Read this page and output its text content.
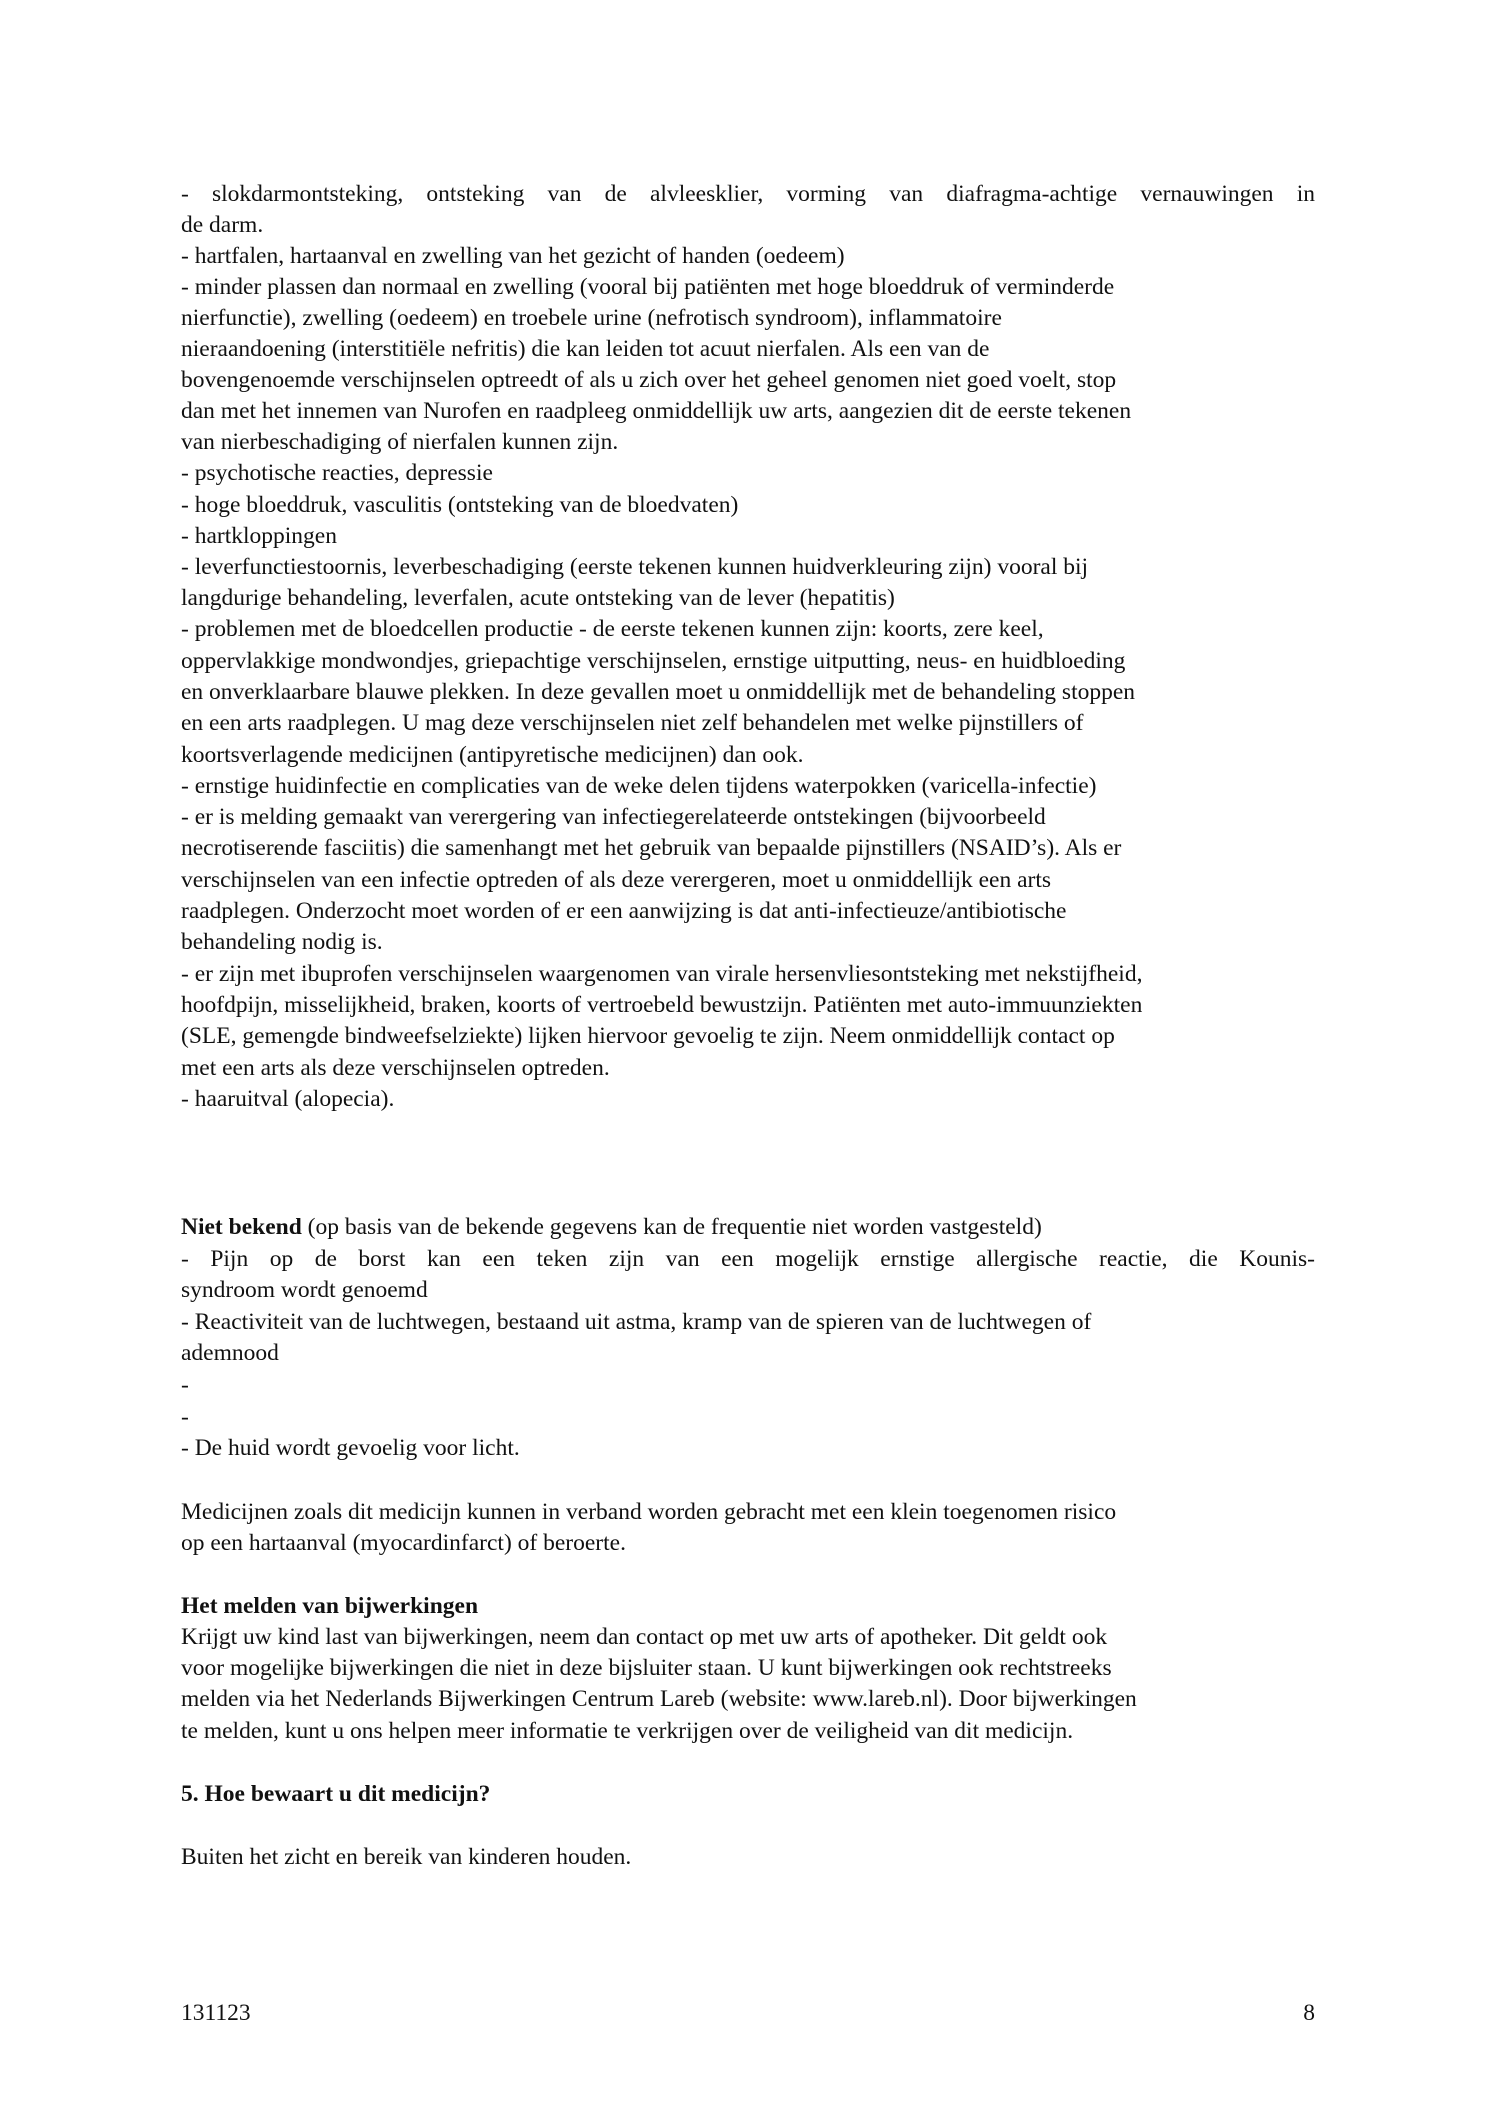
- slokdarmontsteking, ontsteking van de alvleesklier, vorming van diafragma-achtige vernauwingen in
de darm.
- hartfalen, hartaanval en zwelling van het gezicht of handen (oedeem)
- minder plassen dan normaal en zwelling (vooral bij patiënten met hoge bloeddruk of verminderde
nierfunctie), zwelling (oedeem) en troebele urine (nefrotisch syndroom), inflammatoire
nieraandoening (interstitiële nefritis) die kan leiden tot acuut nierfalen. Als een van de
bovengenoemde verschijnselen optreedt of als u zich over het geheel genomen niet goed voelt, stop
dan met het innemen van Nurofen en raadpleeg onmiddellijk uw arts, aangezien dit de eerste tekenen
van nierbeschadiging of nierfalen kunnen zijn.
- psychotische reacties, depressie
- hoge bloeddruk, vasculitis (ontsteking van de bloedvaten)
- hartkloppingen
- leverfunctiestoornis, leverbeschadiging (eerste tekenen kunnen huidverkleuring zijn) vooral bij
langdurige behandeling, leverfalen, acute ontsteking van de lever (hepatitis)
- problemen met de bloedcellen productie - de eerste tekenen kunnen zijn: koorts, zere keel,
oppervlakkige mondwondjes, griepachtige verschijnselen, ernstige uitputting, neus- en huidbloeding
en onverklaarbare blauwe plekken. In deze gevallen moet u onmiddellijk met de behandeling stoppen
en een arts raadplegen. U mag deze verschijnselen niet zelf behandelen met welke pijnstillers of
koortsverlagende medicijnen (antipyretische medicijnen) dan ook.
- ernstige huidinfectie en complicaties van de weke delen tijdens waterpokken (varicella-infectie)
- er is melding gemaakt van verergering van infectiegerelateerde ontstekingen (bijvoorbeeld
necrotiserende fasciitis) die samenhangt met het gebruik van bepaalde pijnstillers (NSAID’s). Als er
verschijnselen van een infectie optreden of als deze verergeren, moet u onmiddellijk een arts
raadplegen. Onderzocht moet worden of er een aanwijzing is dat anti-infectieuze/antibiotische
behandeling nodig is.
- er zijn met ibuprofen verschijnselen waargenomen van virale hersenvliesontsteking met nekstijfheid,
hoofdpijn, misselijkheid, braken, koorts of vertroebeld bewustzijn. Patiënten met auto-immuunziekten
(SLE, gemengde bindweefselziekte) lijken hiervoor gevoelig te zijn. Neem onmiddellijk contact op
met een arts als deze verschijnselen optreden.
- haaruitval (alopecia).
Niet bekend (op basis van de bekende gegevens kan de frequentie niet worden vastgesteld)
- Pijn op de borst kan een teken zijn van een mogelijk ernstige allergische reactie, die Kounis-
syndroom wordt genoemd
- Reactiviteit van de luchtwegen, bestaand uit astma, kramp van de spieren van de luchtwegen of
ademnood
-
-
- De huid wordt gevoelig voor licht.
Medicijnen zoals dit medicijn kunnen in verband worden gebracht met een klein toegenomen risico
op een hartaanval (myocardinfarct) of beroerte.
Het melden van bijwerkingen
Krijgt uw kind last van bijwerkingen, neem dan contact op met uw arts of apotheker. Dit geldt ook
voor mogelijke bijwerkingen die niet in deze bijsluiter staan. U kunt bijwerkingen ook rechtstreeks
melden via het Nederlands Bijwerkingen Centrum Lareb (website: www.lareb.nl). Door bijwerkingen
te melden, kunt u ons helpen meer informatie te verkrijgen over de veiligheid van dit medicijn.
5. Hoe bewaart u dit medicijn?
Buiten het zicht en bereik van kinderen houden.
131123	8
